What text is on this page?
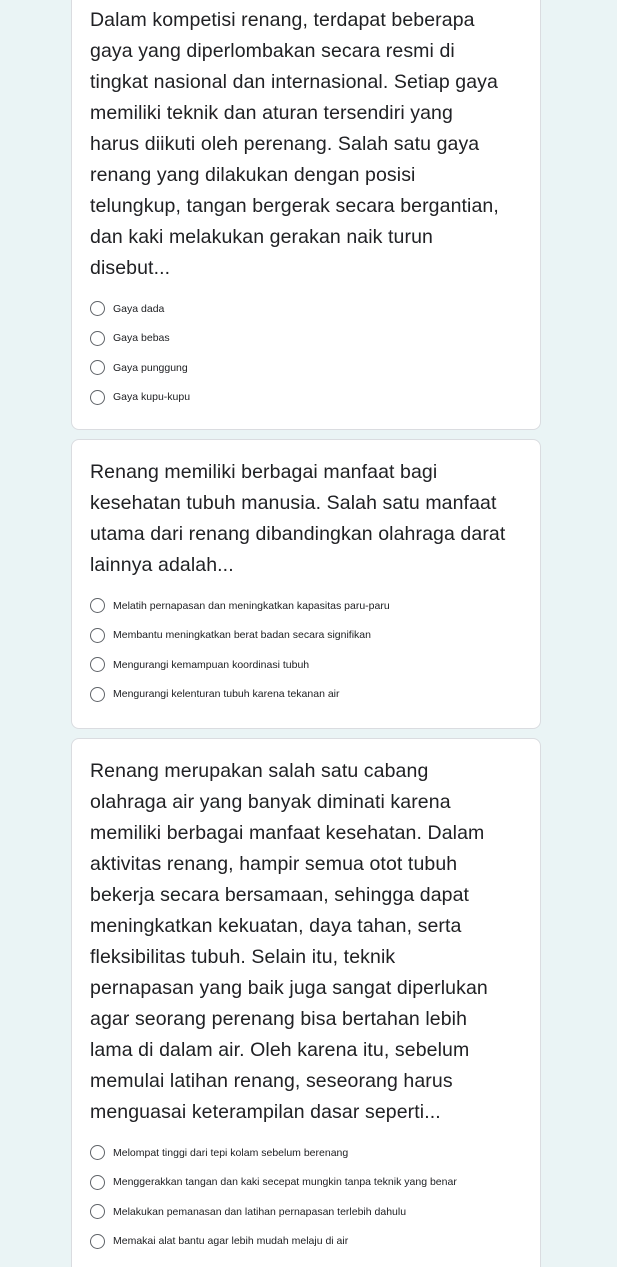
Dalam kompetisi renang, terdapat beberapa
gaya yang diperlombakan secara resmi di
tingkat nasional dan internasional. Setiap gaya
memiliki teknik dan aturan tersendiri yang
harus diikuti oleh perenang. Salah satu gaya
renang yang dilakukan dengan posisi
telungkup, tangan bergerak secara bergantian,
dan kaki melakukan gerakan naik turun
disebut...
Gaya dada
Gaya bebas
Gaya punggung
Gaya kupu-kupu
Renang memiliki berbagai manfaat bagi
kesehatan tubuh manusia. Salah satu manfaat
utama dari renang dibandingkan olahraga darat
lainnya adalah...
Melatih pernapasan dan meningkatkan kapasitas paru-paru
Membantu meningkatkan berat badan secara signifikan
Mengurangi kemampuan koordinasi tubuh
Mengurangi kelenturan tubuh karena tekanan air
Renang merupakan salah satu cabang
olahraga air yang banyak diminati karena
memiliki berbagai manfaat kesehatan. Dalam
aktivitas renang, hampir semua otot tubuh
bekerja secara bersamaan, sehingga dapat
meningkatkan kekuatan, daya tahan, serta
fleksibilitas tubuh. Selain itu, teknik
pernapasan yang baik juga sangat diperlukan
agar seorang perenang bisa bertahan lebih
lama di dalam air. Oleh karena itu, sebelum
memulai latihan renang, seseorang harus
menguasai keterampilan dasar seperti...
Melompat tinggi dari tepi kolam sebelum berenang
Menggerakkan tangan dan kaki secepat mungkin tanpa teknik yang benar
Melakukan pemanasan dan latihan pernapasan terlebih dahulu
Memakai alat bantu agar lebih mudah melaju di air
